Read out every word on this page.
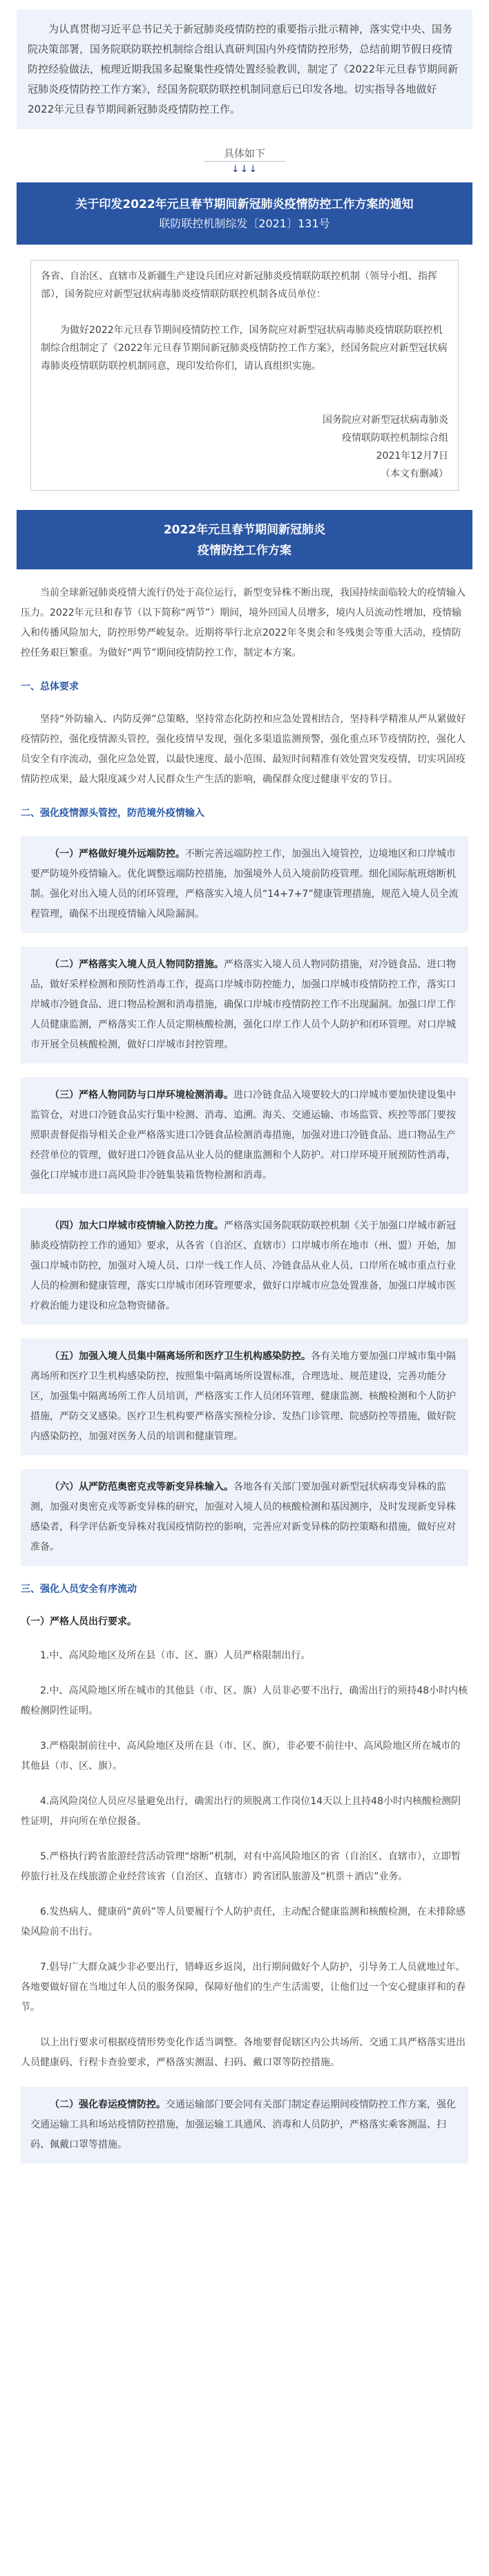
为认真贯彻习近平总书记关于新冠肺炎疫情防控的重要指示批示精神，落实党中央、国务院决策部署，国务院联防联控机制综合组认真研判国内外疫情防控形势，总结前期节假日疫情防控经验做法，梳理近期我国多起聚集性疫情处置经验教训，制定了《2022年元旦春节期间新冠肺炎疫情防控工作方案》，经国务院联防联控机制同意后已印发各地。切实指导各地做好2022年元旦春节期间新冠肺炎疫情防控工作。
具体如下
↓↓↓
关于印发2022年元旦春节期间新冠肺炎疫情防控工作方案的通知
联防联控机制综发〔2021〕131号

各省、自治区、直辖市及新疆生产建设兵团应对新冠肺炎疫情联防联控机制（领导小组、指挥部），国务院应对新型冠状病毒肺炎疫情联防联控机制各成员单位：

为做好2022年元旦春节期间疫情防控工作，国务院应对新型冠状病毒肺炎疫情联防联控机制综合组制定了《2022年元旦春节期间新冠肺炎疫情防控工作方案》，经国务院应对新型冠状病毒肺炎疫情联防联控机制同意，现印发给你们，请认真组织实施。

国务院应对新型冠状病毒肺炎

疫情联防联控机制综合组

2021年12月7日

（本文有删减）

2022年元旦春节期间新冠肺炎
疫情防控工作方案

当前全球新冠肺炎疫情大流行仍处于高位运行，新型变异株不断出现，我国持续面临较大的疫情输入压力。2022年元旦和春节（以下简称“两节”）期间，境外回国人员增多，境内人员流动性增加，疫情输入和传播风险加大，防控形势严峻复杂。近期将举行北京2022年冬奥会和冬残奥会等重大活动，疫情防控任务艰巨繁重。为做好“两节”期间疫情防控工作，制定本方案。

一、总体要求

坚持“外防输入、内防反弹”总策略，坚持常态化防控和应急处置相结合，坚持科学精准从严从紧做好疫情防控，强化疫情源头管控，强化疫情早发现，强化多渠道监测预警，强化重点环节疫情防控，强化人员安全有序流动，强化应急处置，以最快速度、最小范围、最短时间精准有效处置突发疫情，切实巩固疫情防控成果，最大限度减少对人民群众生产生活的影响，确保群众度过健康平安的节日。

二、强化疫情源头管控，防范境外疫情输入

（一）严格做好境外远端防控。不断完善远端防控工作，加强出入境管控，边境地区和口岸城市要严防境外疫情输入。优化调整远端防控措施，加强境外人员入境前防疫管理。细化国际航班熔断机制。强化对出入境人员的闭环管理，严格落实入境人员“14+7+7”健康管理措施，规范入境人员全流程管理，确保不出现疫情输入风险漏洞。
（二）严格落实入境人员人物同防措施。严格落实入境人员人物同防措施，对冷链食品、进口物品，做好采样检测和预防性消毒工作，提高口岸城市防控能力，加强口岸城市疫情防控工作，落实口岸城市冷链食品、进口物品检测和消毒措施，确保口岸城市疫情防控工作不出现漏洞。加强口岸工作人员健康监测，严格落实工作人员定期核酸检测，强化口岸工作人员个人防护和闭环管理。对口岸城市开展全员核酸检测，做好口岸城市封控管理。
（三）严格人物同防与口岸环境检测消毒。进口冷链食品入境要较大的口岸城市要加快建设集中监管仓，对进口冷链食品实行集中检测、消毒、追溯。海关、交通运输、市场监管、疾控等部门要按照职责督促指导相关企业严格落实进口冷链食品检测消毒措施，加强对进口冷链食品、进口物品生产经营单位的管理，做好进口冷链食品从业人员的健康监测和个人防护。对口岸环境开展预防性消毒，强化口岸城市进口高风险非冷链集装箱货物检测和消毒。
（四）加大口岸城市疫情输入防控力度。严格落实国务院联防联控机制《关于加强口岸城市新冠肺炎疫情防控工作的通知》要求，从各省（自治区、直辖市）口岸城市所在地市（州、盟）开始，加强口岸城市防控，加强对入境人员、口岸一线工作人员、冷链食品从业人员、口岸所在城市重点行业人员的检测和健康管理，落实口岸城市闭环管理要求，做好口岸城市应急处置准备，加强口岸城市医疗救治能力建设和应急物资储备。
（五）加强入境人员集中隔离场所和医疗卫生机构感染防控。各有关地方要加强口岸城市集中隔离场所和医疗卫生机构感染防控，按照集中隔离场所设置标准，合理选址、规范建设，完善功能分区，加强集中隔离场所工作人员培训，严格落实工作人员闭环管理、健康监测、核酸检测和个人防护措施，严防交叉感染。医疗卫生机构要严格落实预检分诊、发热门诊管理、院感防控等措施，做好院内感染防控，加强对医务人员的培训和健康管理。
（六）从严防范奥密克戎等新变异株输入。各地各有关部门要加强对新型冠状病毒变异株的监测，加强对奥密克戎等新变异株的研究，加强对入境人员的核酸检测和基因测序，及时发现新变异株感染者，科学评估新变异株对我国疫情防控的影响，完善应对新变异株的防控策略和措施，做好应对准备。

三、强化人员安全有序流动

（一）严格人员出行要求。

1.中、高风险地区及所在县（市、区、旗）人员严格限制出行。

2.中、高风险地区所在城市的其他县（市、区、旗）人员非必要不出行，确需出行的须持48小时内核酸检测阴性证明。

3.严格限制前往中、高风险地区及所在县（市、区、旗），非必要不前往中、高风险地区所在城市的其他县（市、区、旗）。

4.高风险岗位人员应尽量避免出行，确需出行的须脱离工作岗位14天以上且持48小时内核酸检测阴性证明，并向所在单位报备。

5.严格执行跨省旅游经营活动管理“熔断”机制，对有中高风险地区的省（自治区、直辖市），立即暂停旅行社及在线旅游企业经营该省（自治区、直辖市）跨省团队旅游及“机票＋酒店”业务。

6.发热病人、健康码“黄码”等人员要履行个人防护责任，主动配合健康监测和核酸检测，在未排除感染风险前不出行。

7.倡导广大群众减少非必要出行，错峰返乡返岗，出行期间做好个人防护，引导务工人员就地过年。各地要做好留在当地过年人员的服务保障，保障好他们的生产生活需要，让他们过一个安心健康祥和的春节。

以上出行要求可根据疫情形势变化作适当调整。各地要督促辖区内公共场所、交通工具严格落实进出人员健康码、行程卡查验要求，严格落实测温、扫码、戴口罩等防控措施。

（二）强化春运疫情防控。交通运输部门要会同有关部门制定春运期间疫情防控工作方案，强化交通运输工具和场站疫情防控措施，加强运输工具通风、消毒和人员防护，严格落实乘客测温、扫码、佩戴口罩等措施。
